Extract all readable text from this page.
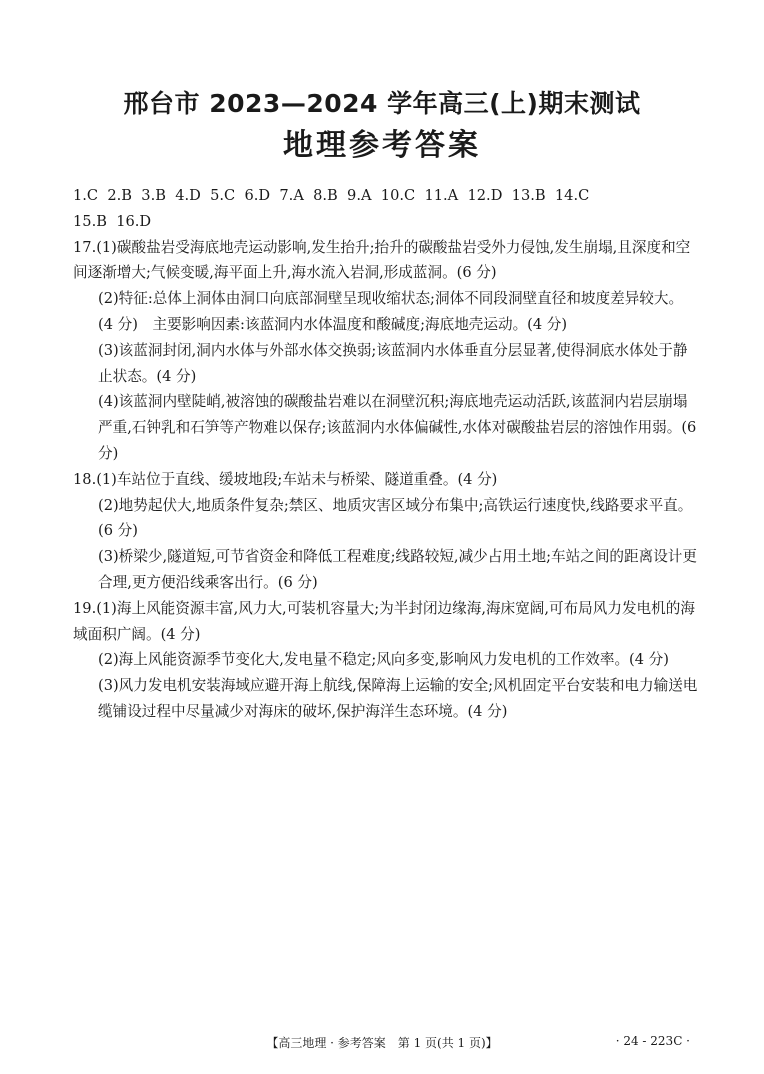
邢台市 2023—2024 学年高三(上)期末测试
地理参考答案

1.C  2.B  3.B  4.D  5.C  6.D  7.A  8.B  9.A  10.C  11.A  12.D  13.B  14.C

15.B  16.D

17.(1)碳酸盐岩受海底地壳运动影响,发生抬升;抬升的碳酸盐岩受外力侵蚀,发生崩塌,且深度和空间逐渐增大;气候变暖,海平面上升,海水流入岩洞,形成蓝洞。(6 分)

(2)特征:总体上洞体由洞口向底部洞壁呈现收缩状态;洞体不同段洞壁直径和坡度差异较大。(4 分)　主要影响因素:该蓝洞内水体温度和酸碱度;海底地壳运动。(4 分)

(3)该蓝洞封闭,洞内水体与外部水体交换弱;该蓝洞内水体垂直分层显著,使得洞底水体处于静止状态。(4 分)

(4)该蓝洞内壁陡峭,被溶蚀的碳酸盐岩难以在洞壁沉积;海底地壳运动活跃,该蓝洞内岩层崩塌严重,石钟乳和石笋等产物难以保存;该蓝洞内水体偏碱性,水体对碳酸盐岩层的溶蚀作用弱。(6 分)

18.(1)车站位于直线、缓坡地段;车站未与桥梁、隧道重叠。(4 分)

(2)地势起伏大,地质条件复杂;禁区、地质灾害区域分布集中;高铁运行速度快,线路要求平直。(6 分)

(3)桥梁少,隧道短,可节省资金和降低工程难度;线路较短,减少占用土地;车站之间的距离设计更合理,更方便沿线乘客出行。(6 分)

19.(1)海上风能资源丰富,风力大,可装机容量大;为半封闭边缘海,海床宽阔,可布局风力发电机的海域面积广阔。(4 分)

(2)海上风能资源季节变化大,发电量不稳定;风向多变,影响风力发电机的工作效率。(4 分)

(3)风力发电机安装海域应避开海上航线,保障海上运输的安全;风机固定平台安装和电力输送电缆铺设过程中尽量减少对海床的破坏,保护海洋生态环境。(4 分)

【高三地理 · 参考答案　第 1 页(共 1 页)】	· 24 - 223C ·
